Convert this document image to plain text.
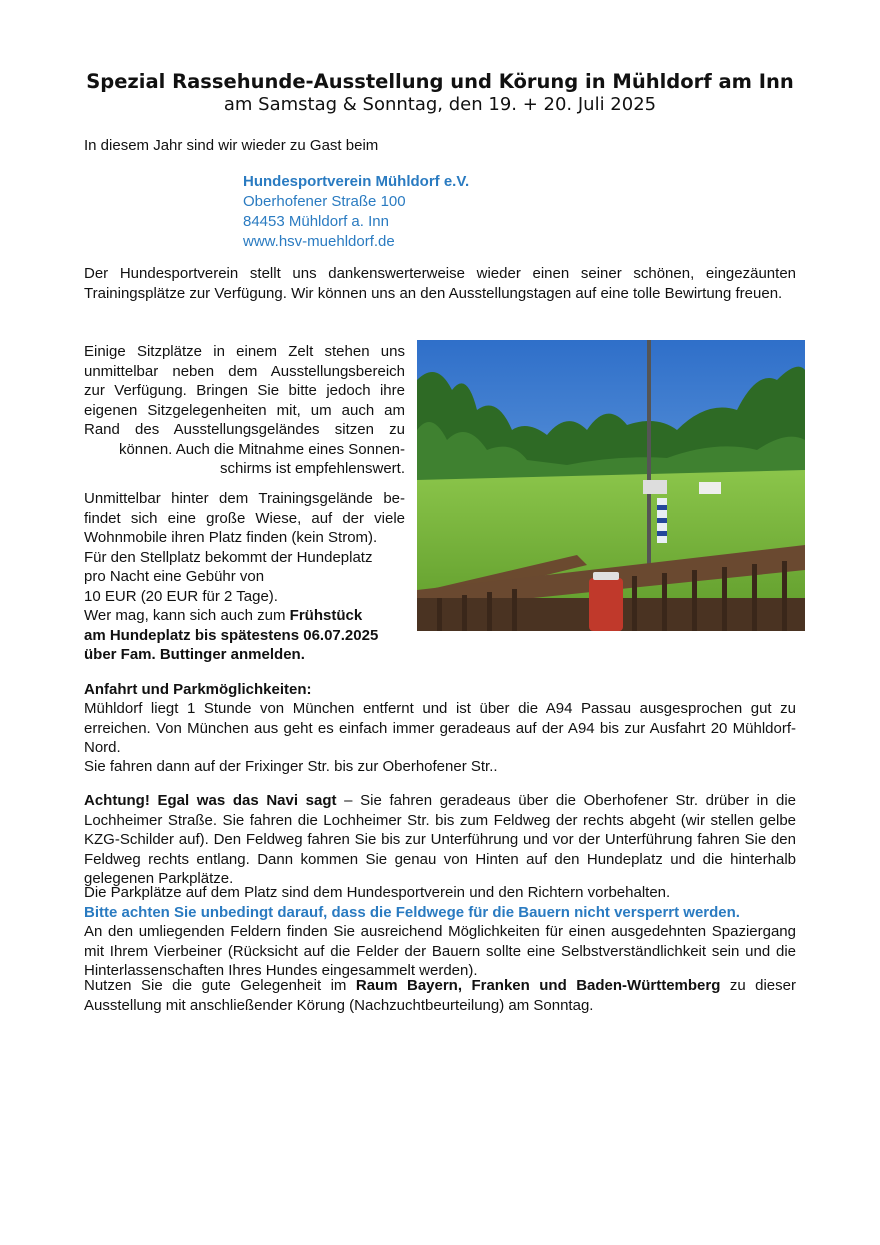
Spezial Rassehunde-Ausstellung und Körung in Mühldorf am Inn
am Samstag & Sonntag, den 19. + 20. Juli 2025
In diesem Jahr sind wir wieder zu Gast beim
Hundesportverein Mühldorf e.V.
Oberhofener Straße 100
84453 Mühldorf a. Inn
www.hsv-muehldorf.de
Der Hundesportverein stellt uns dankenswerterweise wieder einen seiner schönen, eingezäunten Trainingsplätze zur Verfügung. Wir können uns an den Ausstellungstagen auf eine tolle Bewirtung freuen.
Einige Sitzplätze in einem Zelt stehen uns
unmittelbar neben dem Ausstellungsbereich
zur Verfügung. Bringen Sie bitte jedoch ihre
eigenen Sitzgelegenheiten mit, um auch am
Rand des Ausstellungsgeländes sitzen zu
können. Auch die Mitnahme eines Sonnen-
schirms ist empfehlenswert.
Unmittelbar hinter dem Trainingsgelände be-
findet sich eine große Wiese, auf der viele
Wohnmobile ihren Platz finden (kein Strom).
Für den Stellplatz bekommt der Hundeplatz
pro Nacht eine Gebühr von
10 EUR (20 EUR für 2 Tage).
Wer mag, kann sich auch zum Frühstück
am Hundeplatz bis spätestens 06.07.2025
über Fam. Buttinger anmelden.
Anfahrt und Parkmöglichkeiten:
Mühldorf liegt 1 Stunde von München entfernt und ist über die A94 Passau ausgesprochen gut zu erreichen. Von München aus geht es einfach immer geradeaus auf der A94 bis zur Ausfahrt 20 Mühldorf-Nord.
Sie fahren dann auf der Frixinger Str. bis zur Oberhofener Str..
Achtung! Egal was das Navi sagt – Sie fahren geradeaus über die Oberhofener Str. drüber in die Lochheimer Straße. Sie fahren die Lochheimer Str. bis zum Feldweg der rechts abgeht (wir stellen gelbe KZG-Schilder auf). Den Feldweg fahren Sie bis zur Unterführung und vor der Unterführung fahren Sie den Feldweg rechts entlang. Dann kommen Sie genau von Hinten auf den Hundeplatz und die hinterhalb gelegenen Parkplätze.
Die Parkplätze auf dem Platz sind dem Hundesportverein und den Richtern vorbehalten.
Bitte achten Sie unbedingt darauf, dass die Feldwege für die Bauern nicht versperrt werden.
An den umliegenden Feldern finden Sie ausreichend Möglichkeiten für einen ausgedehnten Spaziergang mit Ihrem Vierbeiner (Rücksicht auf die Felder der Bauern sollte eine Selbstverständlichkeit sein und die Hinterlassenschaften Ihres Hundes eingesammelt werden).
Nutzen Sie die gute Gelegenheit im Raum Bayern, Franken und Baden-Württemberg zu dieser Ausstellung mit anschließender Körung (Nachzuchtbeurteilung) am Sonntag.
